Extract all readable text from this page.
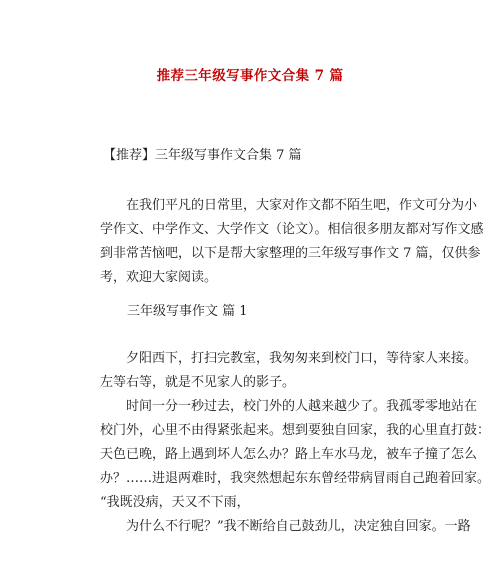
推荐三年级写事作文合集 7 篇
【推荐】三年级写事作文合集 7 篇
在我们平凡的日常里，大家对作文都不陌生吧，作文可分为小
学作文、中学作文、大学作文（论文）。相信很多朋友都对写作文感
到非常苦恼吧，以下是帮大家整理的三年级写事作文 7 篇，仅供参
考，欢迎大家阅读。
三年级写事作文 篇 1
夕阳西下，打扫完教室，我匆匆来到校门口，等待家人来接。
左等右等，就是不见家人的影子。
时间一分一秒过去，校门外的人越来越少了。我孤零零地站在
校门外，心里不由得紧张起来。想到要独自回家，我的心里直打鼓：
天色已晚，路上遇到坏人怎么办？路上车水马龙，被车子撞了怎么
办？……进退两难时，我突然想起东东曾经带病冒雨自己跑着回家。
“我既没病，天又不下雨，
为什么不行呢？”我不断给自己鼓劲儿，决定独自回家。一路
